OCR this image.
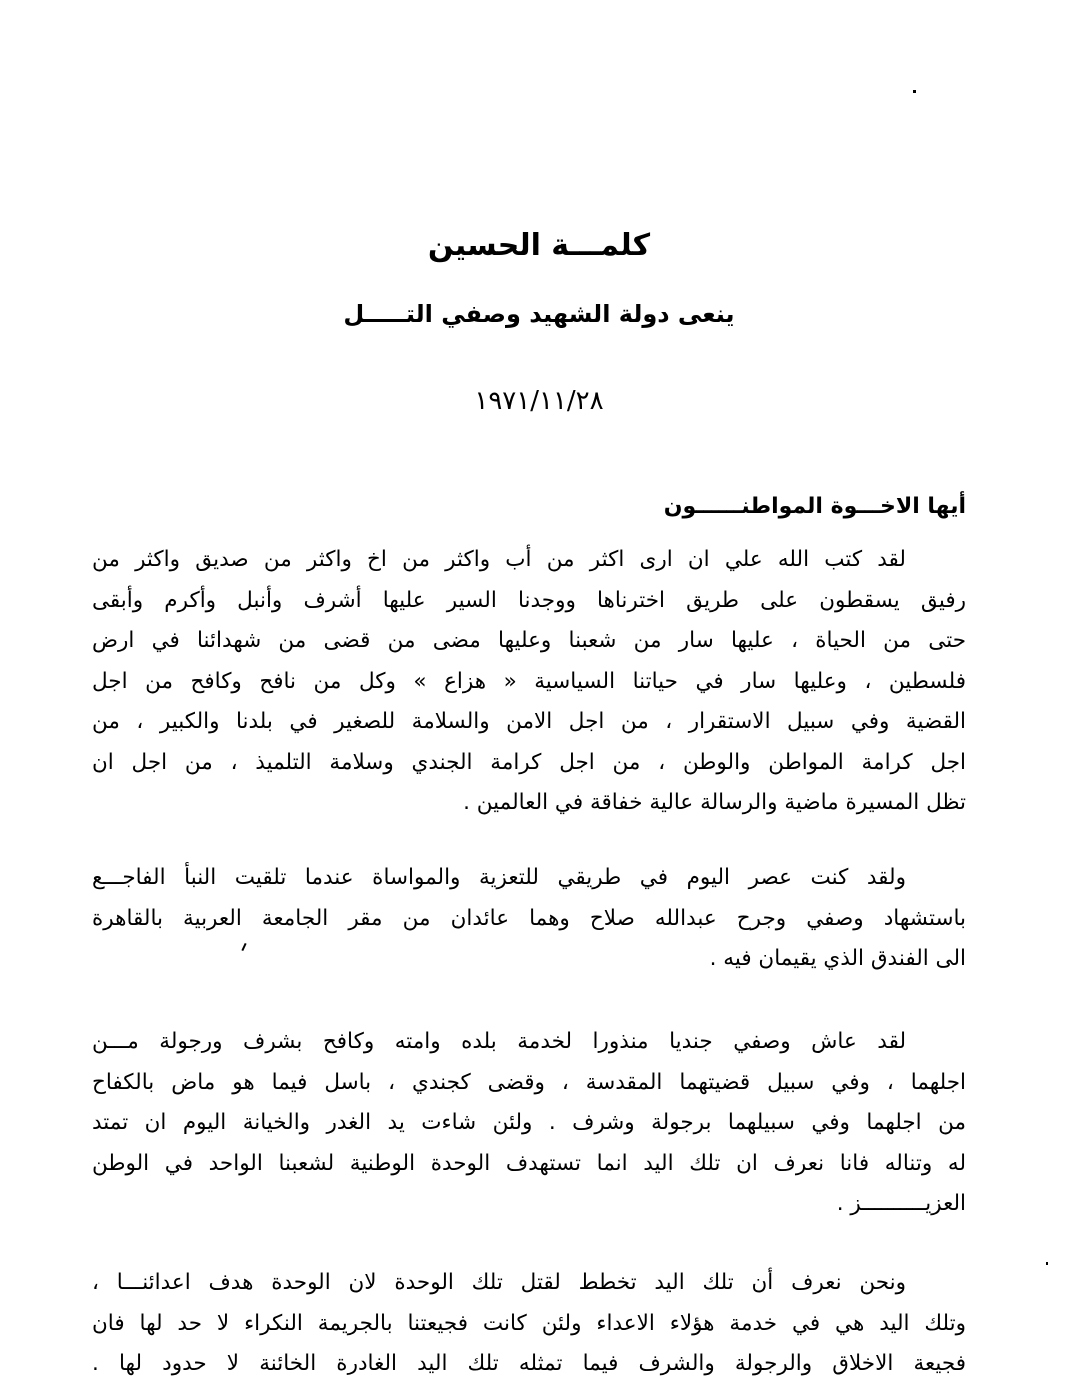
كلمـــة الحسين
ينعى دولة الشهيد وصفي التـــــل
١٩٧١/١١/٢٨
أيها الاخـــوة المواطنــــــون
لقد كتب الله علي ان ارى اكثر من أب واكثر من اخ واكثر من صديق واكثر من
رفيق يسقطون على طريق اخترناها ووجدنا السير عليها أشرف وأنبل وأكرم وأبقى
حتى من الحياة ، عليها سار من شعبنا وعليها مضى من قضى من شهدائنا في ارض
فلسطين ، وعليها سار في حياتنا السياسية « هزاع » وكل من نافح وكافح من اجل
القضية وفي سبيل الاستقرار ، من اجل الامن والسلامة للصغير في بلدنا والكبير ، من
اجل كرامة المواطن والوطن ، من اجل كرامة الجندي وسلامة التلميذ ، من اجل ان
تظل المسيرة ماضية والرسالة عالية خفاقة في العالمين .
ولقد كنت عصر اليوم في طريقي للتعزية والمواساة عندما تلقيت النبأ الفاجـــع
باستشهاد وصفي وجرح عبدالله صلاح وهما عائدان من مقر الجامعة العربية بالقاهرة
الى الفندق الذي يقيمان فيه .
لقد عاش وصفي جنديا منذورا لخدمة بلده وامته وكافح بشرف ورجولة مـــن
اجلهما ، وفي سبيل قضيتهما المقدسة ، وقضى كجندي ، باسل فيما هو ماض بالكفاح
من اجلهما وفي سبيلهما برجولة وشرف . ولئن شاءت يد الغدر والخيانة اليوم ان تمتد
له وتناله فانا نعرف ان تلك اليد انما تستهدف الوحدة الوطنية لشعبنا الواحد في الوطن
العزيــــــــــز .
ونحن نعرف أن تلك اليد تخطط لقتل تلك الوحدة لان الوحدة هدف اعدائنـــا ،
وتلك اليد هي في خدمة هؤلاء الاعداء ولئن كانت فجيعتنا بالجريمة النكراء لا حد لها فان
فجيعة الاخلاق والرجولة والشرف فيما تمثله تلك اليد الغادرة الخائنة لا حدود لها .
